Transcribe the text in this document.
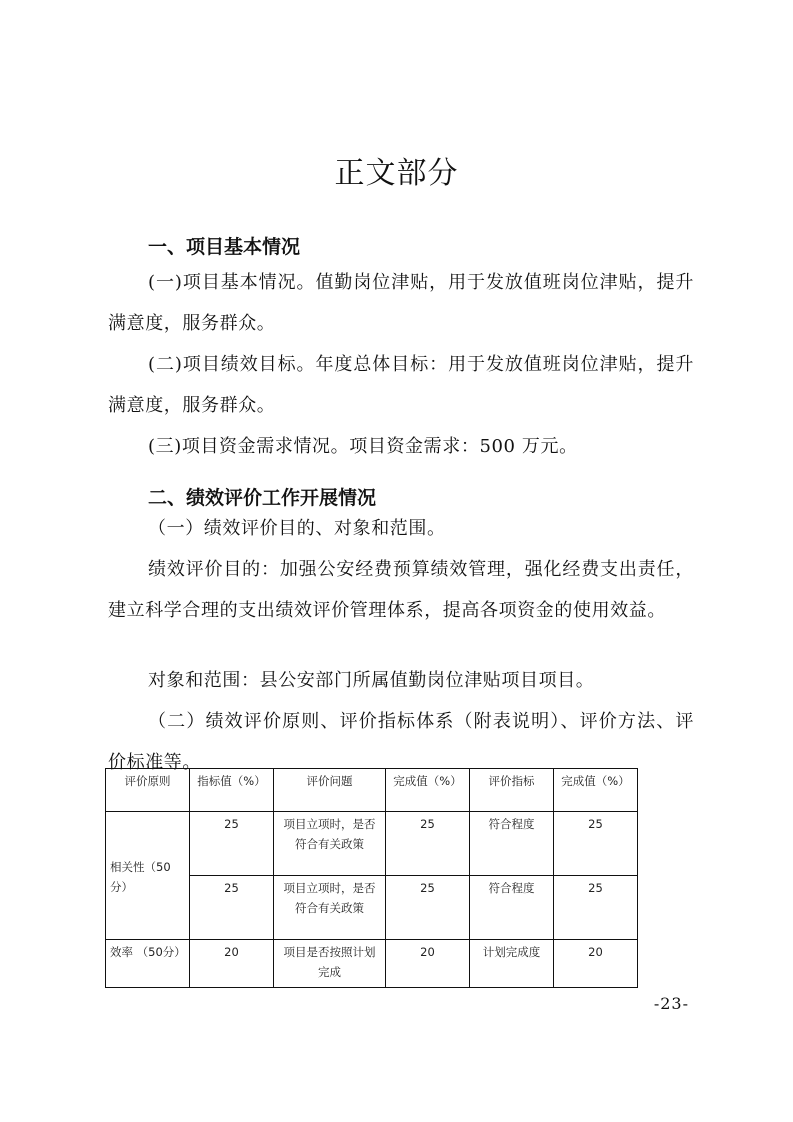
正文部分
一、项目基本情况

(一)项目基本情况。值勤岗位津贴，用于发放值班岗位津贴，提升满意度，服务群众。

(二)项目绩效目标。年度总体目标：用于发放值班岗位津贴，提升满意度，服务群众。

(三)项目资金需求情况。项目资金需求：500 万元。

二、绩效评价工作开展情况

（一）绩效评价目的、对象和范围。

绩效评价目的：加强公安经费预算绩效管理，强化经费支出责任，建立科学合理的支出绩效评价管理体系，提高各项资金的使用效益。

对象和范围：县公安部门所属值勤岗位津贴项目项目。

（二）绩效评价原则、评价指标体系（附表说明）、评价方法、评价标准等。

评价原则	指标值（%）	评价问题	完成值（%）	评价指标	完成值（%）
相关性（50分）	25	项目立项时，是否符合有关政策	25	符合程度	25
	25	项目立项时，是否符合有关政策	25	符合程度	25
效率 （50分）	20	项目是否按照计划完成	20	计划完成度	20
-23-
